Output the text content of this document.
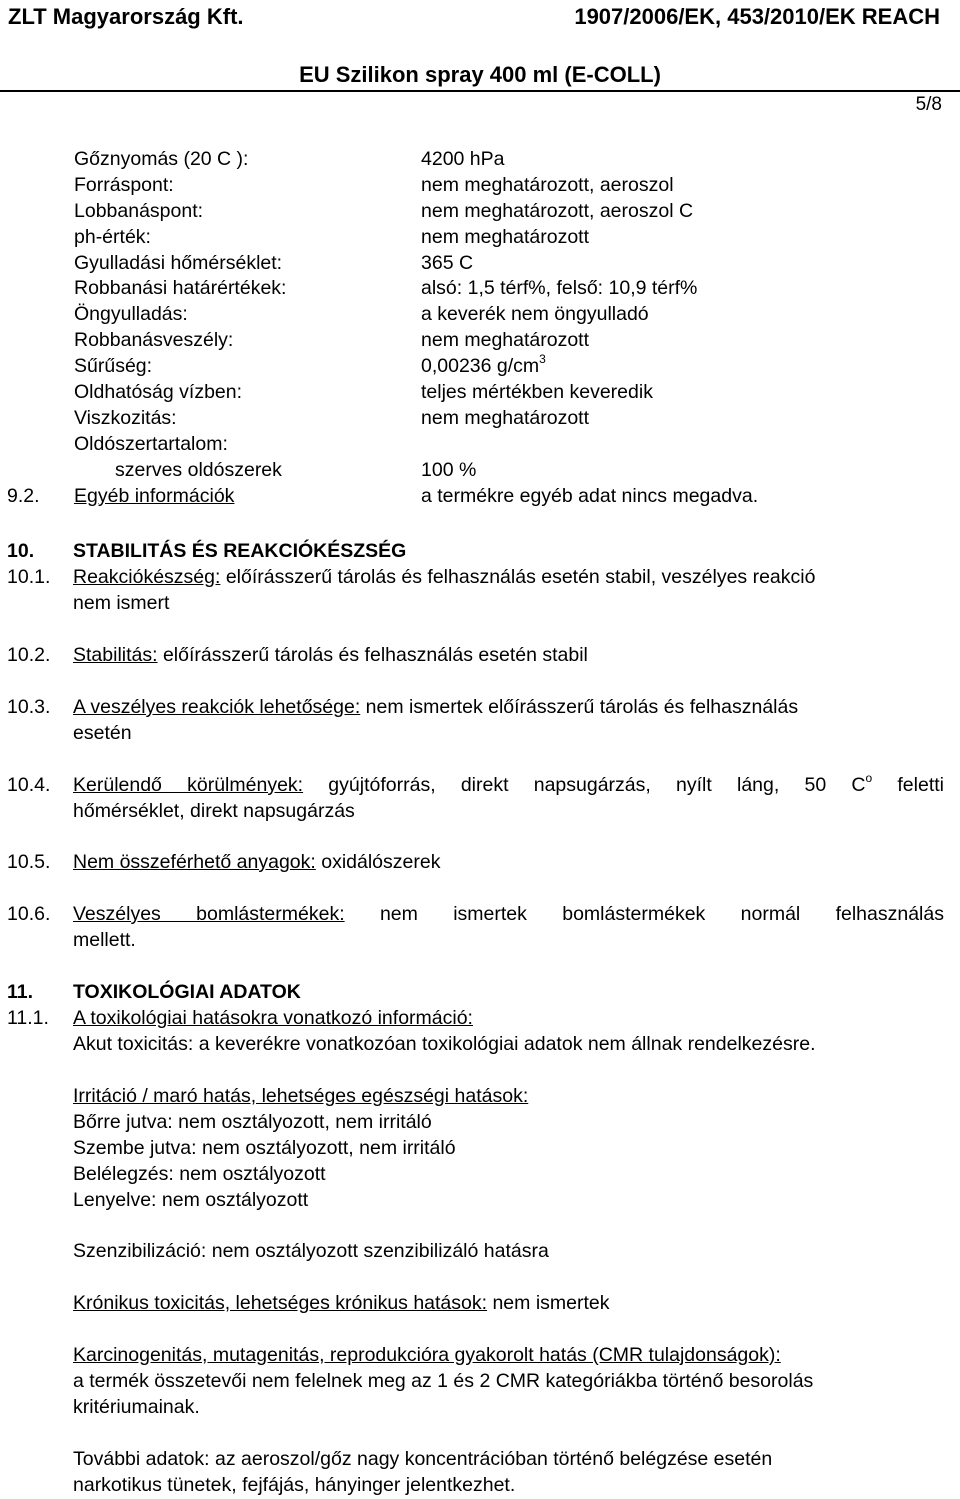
ZLT Magyarország Kft.	1907/2006/EK, 453/2010/EK REACH
EU Szilikon spray 400 ml (E-COLL)
5/8
Gőznyomás (20 C ):	4200 hPa
Forráspont:	nem meghatározott, aeroszol
Lobbanáspont:	nem meghatározott, aeroszol C
ph-érték:	nem meghatározott
Gyulladási hőmérséklet:	365 C
Robbanási határértékek:	alsó: 1,5 térf%, felső: 10,9 térf%
Öngyulladás:	a keverék nem öngyulladó
Robbanásveszély:	nem meghatározott
Sűrűség:	0,00236 $g/cm^3$
Oldhatóság vízben:	teljes mértékben keveredik
Viszkozitás:	nem meghatározott
Oldószertartalom:
szerves oldószerek	100 %
9.2. Egyéb információk	a termékre egyéb adat nincs megadva.
10. STABILITÁS ÉS REAKCIÓKÉSZSÉG
10.1. Reakciókészség: előírásszerű tárolás és felhasználás esetén stabil, veszélyes reakció
nem ismert
10.2. Stabilitás: előírásszerű tárolás és felhasználás esetén stabil
10.3. A veszélyes reakciók lehetősége: nem ismertek előírásszerű tárolás és felhasználás
esetén
10.4. Kerülendő körülmények: gyújtóforrás, direkt napsugárzás, nyílt láng, 50 $C^o$ feletti
hőmérséklet, direkt napsugárzás
10.5. Nem összeférhető anyagok: oxidálószerek
10.6. Veszélyes bomlástermékek: nem ismertek bomlástermékek normál felhasználás
mellett.
11. TOXIKOLÓGIAI ADATOK
11.1. A toxikológiai hatásokra vonatkozó információ:
Akut toxicitás: a keverékre vonatkozóan toxikológiai adatok nem állnak rendelkezésre.
Irritáció / maró hatás, lehetséges egészségi hatások:
Bőrre jutva: nem osztályozott, nem irritáló
Szembe jutva: nem osztályozott, nem irritáló
Belélegzés: nem osztályozott
Lenyelve: nem osztályozott
Szenzibilizáció: nem osztályozott szenzibilizáló hatásra
Krónikus toxicitás, lehetséges krónikus hatások: nem ismertek
Karcinogenitás, mutagenitás, reprodukcióra gyakorolt hatás (CMR tulajdonságok):
a termék összetevői nem felelnek meg az 1 és 2 CMR kategóriákba történő besorolás
kritériumainak.
További adatok: az aeroszol/gőz nagy koncentrációban történő belégzése esetén
narkotikus tünetek, fejfájás, hányinger jelentkezhet.
